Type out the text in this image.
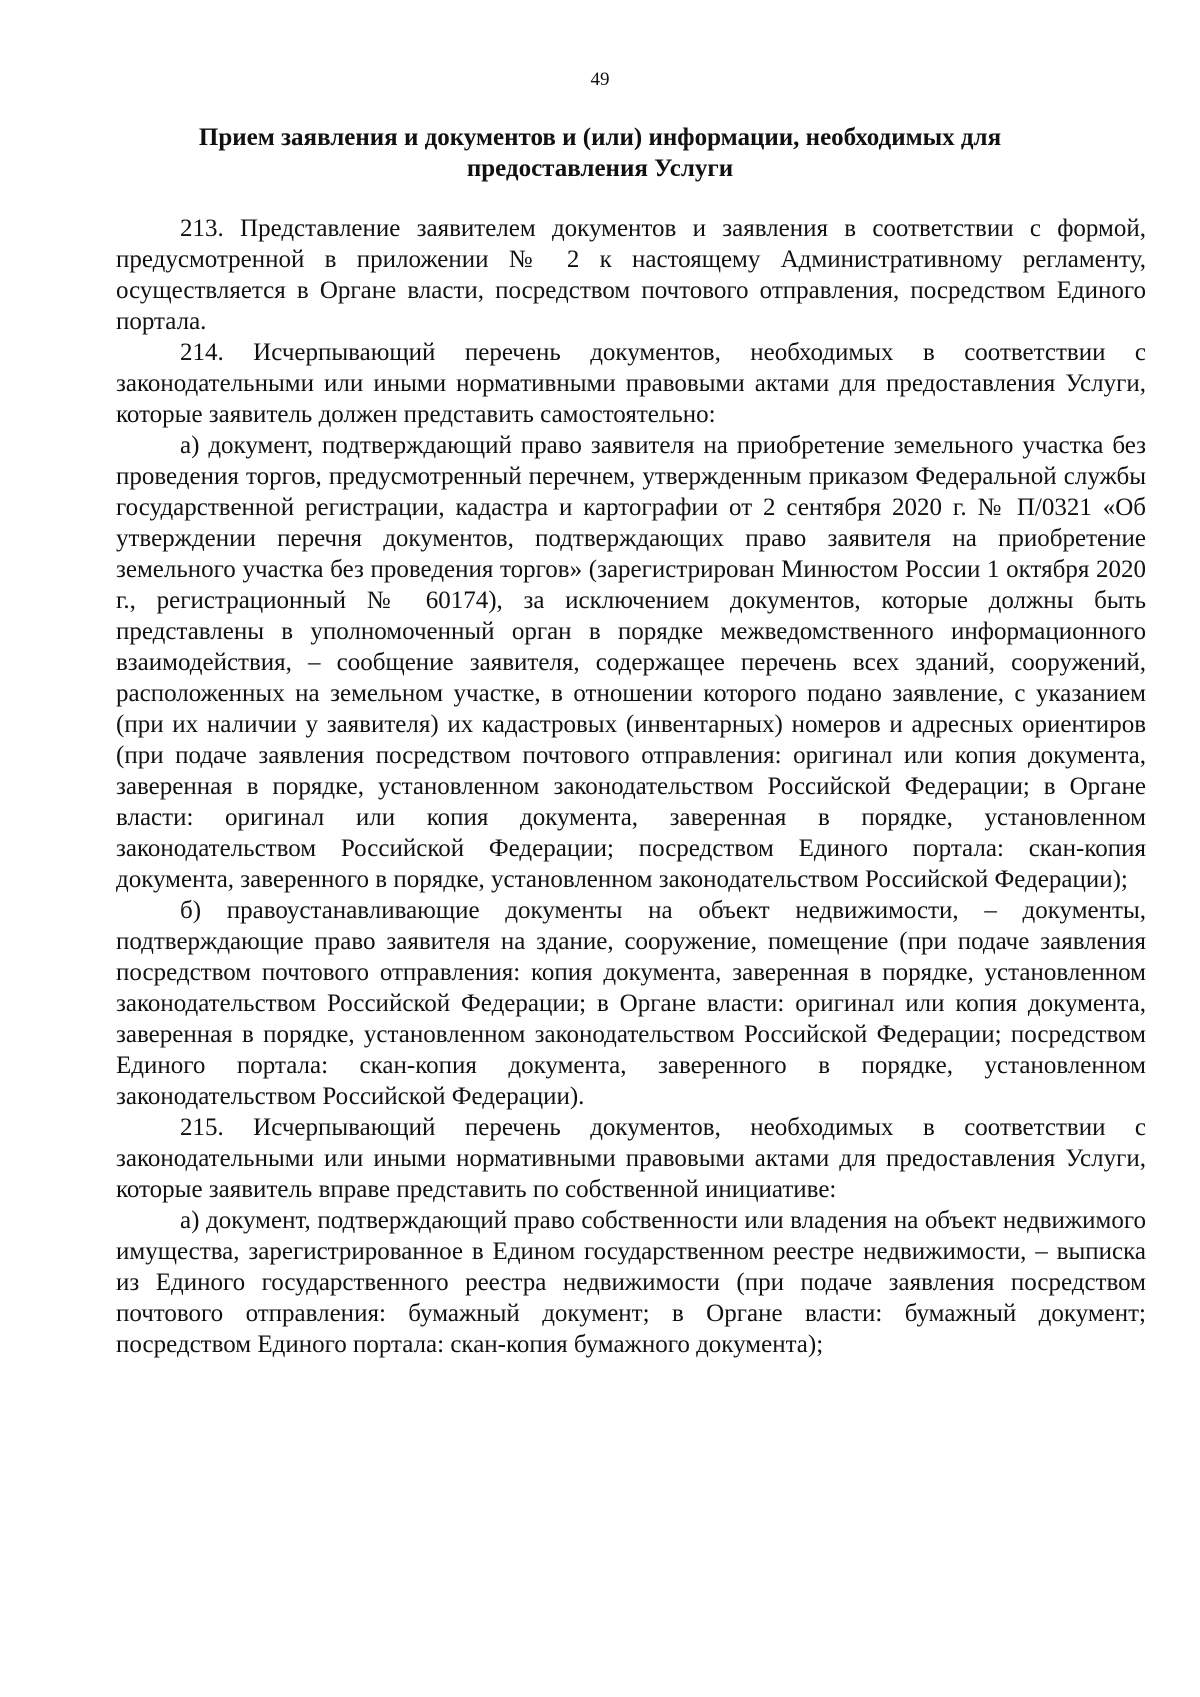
49
Прием заявления и документов и (или) информации, необходимых для предоставления Услуги

213. Представление заявителем документов и заявления в соответствии с формой, предусмотренной в приложении № 2 к настоящему Административному регламенту, осуществляется в Органе власти, посредством почтового отправления, посредством Единого портала.

214. Исчерпывающий перечень документов, необходимых в соответствии с законодательными или иными нормативными правовыми актами для предоставления Услуги, которые заявитель должен представить самостоятельно:

а) документ, подтверждающий право заявителя на приобретение земельного участка без проведения торгов, предусмотренный перечнем, утвержденным приказом Федеральной службы государственной регистрации, кадастра и картографии от 2 сентября 2020 г. № П/0321 «Об утверждении перечня документов, подтверждающих право заявителя на приобретение земельного участка без проведения торгов» (зарегистрирован Минюстом России 1 октября 2020 г., регистрационный № 60174), за исключением документов, которые должны быть представлены в уполномоченный орган в порядке межведомственного информационного взаимодействия, – сообщение заявителя, содержащее перечень всех зданий, сооружений, расположенных на земельном участке, в отношении которого подано заявление, с указанием (при их наличии у заявителя) их кадастровых (инвентарных) номеров и адресных ориентиров (при подаче заявления посредством почтового отправления: оригинал или копия документа, заверенная в порядке, установленном законодательством Российской Федерации; в Органе власти: оригинал или копия документа, заверенная в порядке, установленном законодательством Российской Федерации; посредством Единого портала: скан-копия документа, заверенного в порядке, установленном законодательством Российской Федерации);

б) правоустанавливающие документы на объект недвижимости, – документы, подтверждающие право заявителя на здание, сооружение, помещение (при подаче заявления посредством почтового отправления: копия документа, заверенная в порядке, установленном законодательством Российской Федерации; в Органе власти: оригинал или копия документа, заверенная в порядке, установленном законодательством Российской Федерации; посредством Единого портала: скан-копия документа, заверенного в порядке, установленном законодательством Российской Федерации).

215. Исчерпывающий перечень документов, необходимых в соответствии с законодательными или иными нормативными правовыми актами для предоставления Услуги, которые заявитель вправе представить по собственной инициативе:

а) документ, подтверждающий право собственности или владения на объект недвижимого имущества, зарегистрированное в Едином государственном реестре недвижимости, – выписка из Единого государственного реестра недвижимости (при подаче заявления посредством почтового отправления: бумажный документ; в Органе власти: бумажный документ; посредством Единого портала: скан-копия бумажного документа);
